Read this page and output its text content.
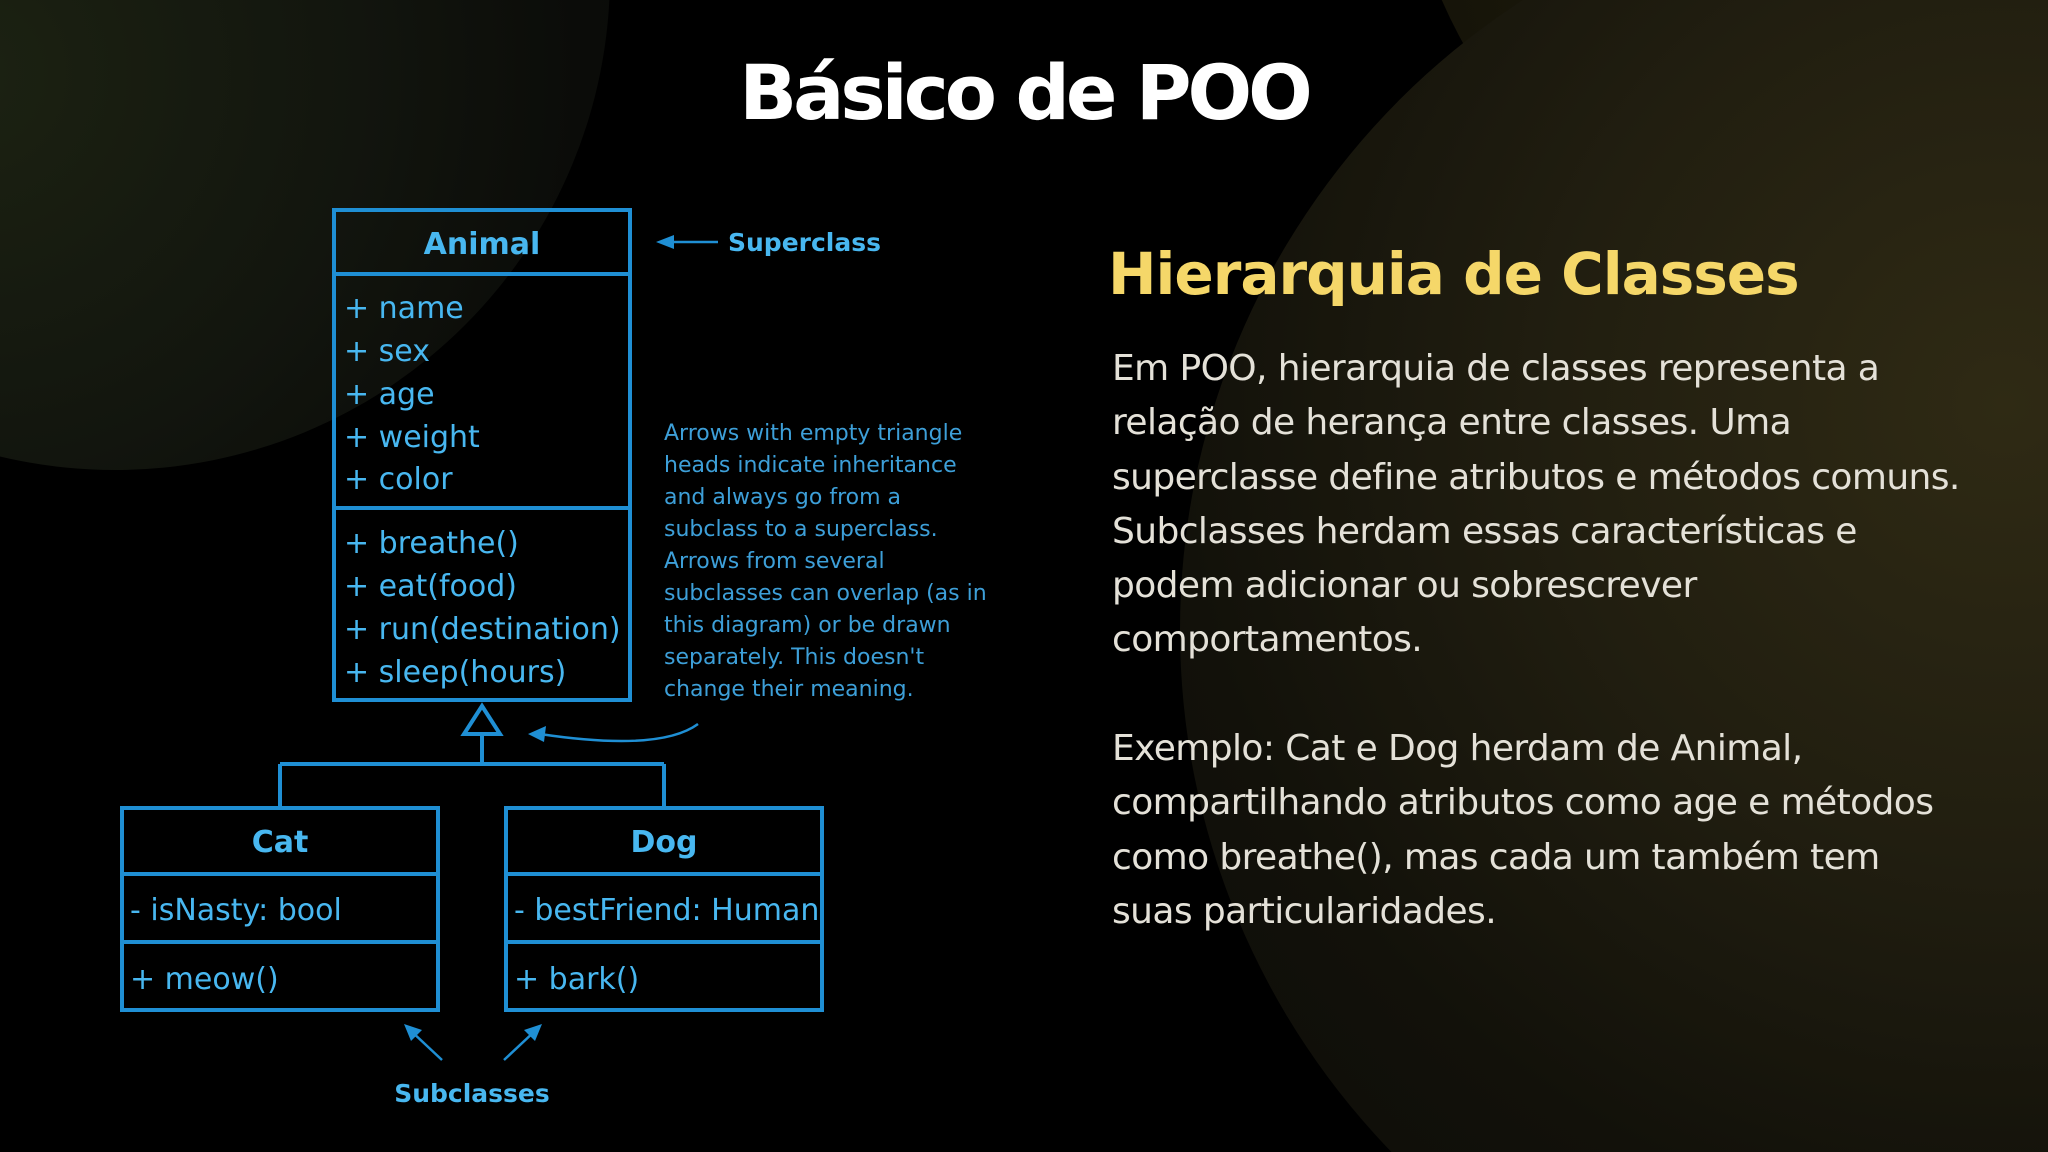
Básico de POO
Animal
+ name
+ sex
+ age
+ weight
+ color
+ breathe()
+ eat(food)
+ run(destination)
+ sleep(hours)
Cat
- isNasty: bool
+ meow()
Dog
- bestFriend: Human
+ bark()
Superclass
Arrows with empty triangle
heads indicate inheritance
and always go from a
subclass to a superclass.
Arrows from several
subclasses can overlap (as in
this diagram) or be drawn
separately. This doesn't
change their meaning.
Subclasses
Hierarquia de Classes

Em POO, hierarquia de classes representa a relação de herança entre classes. Uma superclasse define atributos e métodos comuns. Subclasses herdam essas características e podem adicionar ou sobrescrever comportamentos.

Exemplo: Cat e Dog herdam de Animal, compartilhando atributos como age e métodos como breathe(), mas cada um também tem suas particularidades.
